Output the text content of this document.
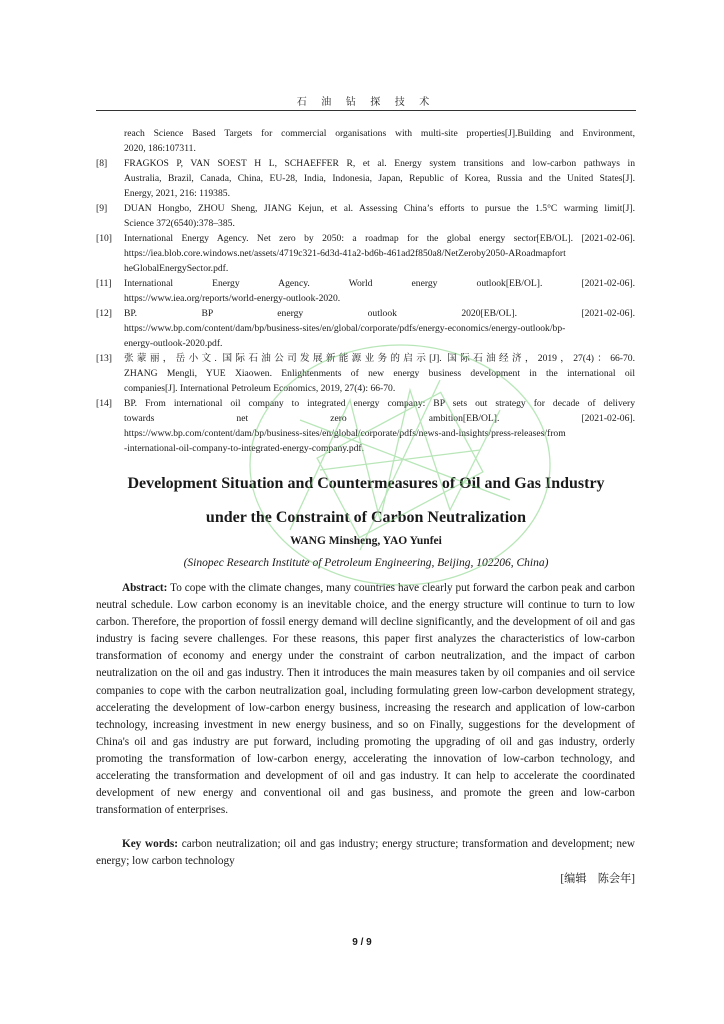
石 油 钻 探 技 术
reach Science Based Targets for commercial organisations with multi-site properties[J].Building and Environment,
2020, 186:107311.
[8] FRAGKOS P, VAN SOEST H L, SCHAEFFER R, et al. Energy system transitions and low-carbon pathways in
Australia, Brazil, Canada, China, EU-28, India, Indonesia, Japan, Republic of Korea, Russia and the United States[J].
Energy, 2021, 216: 119385.
[9] DUAN Hongbo, ZHOU Sheng, JIANG Kejun, et al. Assessing China’s efforts to pursue the 1.5°C warming limit[J].
Science 372(6540):378–385.
[10] International Energy Agency. Net zero by 2050: a roadmap for the global energy sector[EB/OL]. [2021-02-06].
https://iea.blob.core.windows.net/assets/4719c321-6d3d-41a2-bd6b-461ad2f850a8/NetZeroby2050-ARoadmapfort
heGlobalEnergySector.pdf.
[11] International Energy Agency. World energy outlook[EB/OL]. [2021-02-06].
https://www.iea.org/reports/world-energy-outlook-2020.
[12] BP. BP energy outlook 2020[EB/OL]. [2021-02-06].
https://www.bp.com/content/dam/bp/business-sites/en/global/corporate/pdfs/energy-economics/energy-outlook/bp-
energy-outlook-2020.pdf.
[13] 张蒙丽，岳小文. 国际石油公司发展新能源业务的启示[J]. 国际石油经济，2019，27(4)：66-70.
ZHANG Mengli, YUE Xiaowen. Enlightenments of new energy business development in the international oil
companies[J]. International Petroleum Economics, 2019, 27(4): 66-70.
[14] BP. From international oil company to integrated energy company: BP sets out strategy for decade of delivery
towards net zero ambition[EB/OL]. [2021-02-06].
https://www.bp.com/content/dam/bp/business-sites/en/global/corporate/pdfs/news-and-insights/press-releases/from
-international-oil-company-to-integrated-energy-company.pdf.
Development Situation and Countermeasures of Oil and Gas Industry
under the Constraint of Carbon Neutralization
WANG Minsheng, YAO Yunfei
(Sinopec Research Institute of Petroleum Engineering, Beijing, 102206, China)

Abstract: To cope with the climate changes, many countries have clearly put forward the carbon peak and carbon neutral schedule. Low carbon economy is an inevitable choice, and the energy structure will continue to turn to low carbon. Therefore, the proportion of fossil energy demand will decline significantly, and the development of oil and gas industry is facing severe challenges. For these reasons, this paper first analyzes the characteristics of low-carbon transformation of economy and energy under the constraint of carbon neutralization, and the impact of carbon neutralization on the oil and gas industry. Then it introduces the main measures taken by oil companies and oil service companies to cope with the carbon neutralization goal, including formulating green low-carbon development strategy, accelerating the development of low-carbon energy business, increasing the research and application of low-carbon technology, increasing investment in new energy business, and so on Finally, suggestions for the development of China's oil and gas industry are put forward, including promoting the upgrading of oil and gas industry, orderly promoting the transformation of low-carbon energy, accelerating the innovation of low-carbon technology, and accelerating the transformation and development of oil and gas industry. It can help to accelerate the coordinated development of new energy and conventional oil and gas business, and promote the green and low-carbon transformation of enterprises.

Key words: carbon neutralization; oil and gas industry; energy structure; transformation and development; new energy; low carbon technology

[编辑　陈会年]
9 / 9
